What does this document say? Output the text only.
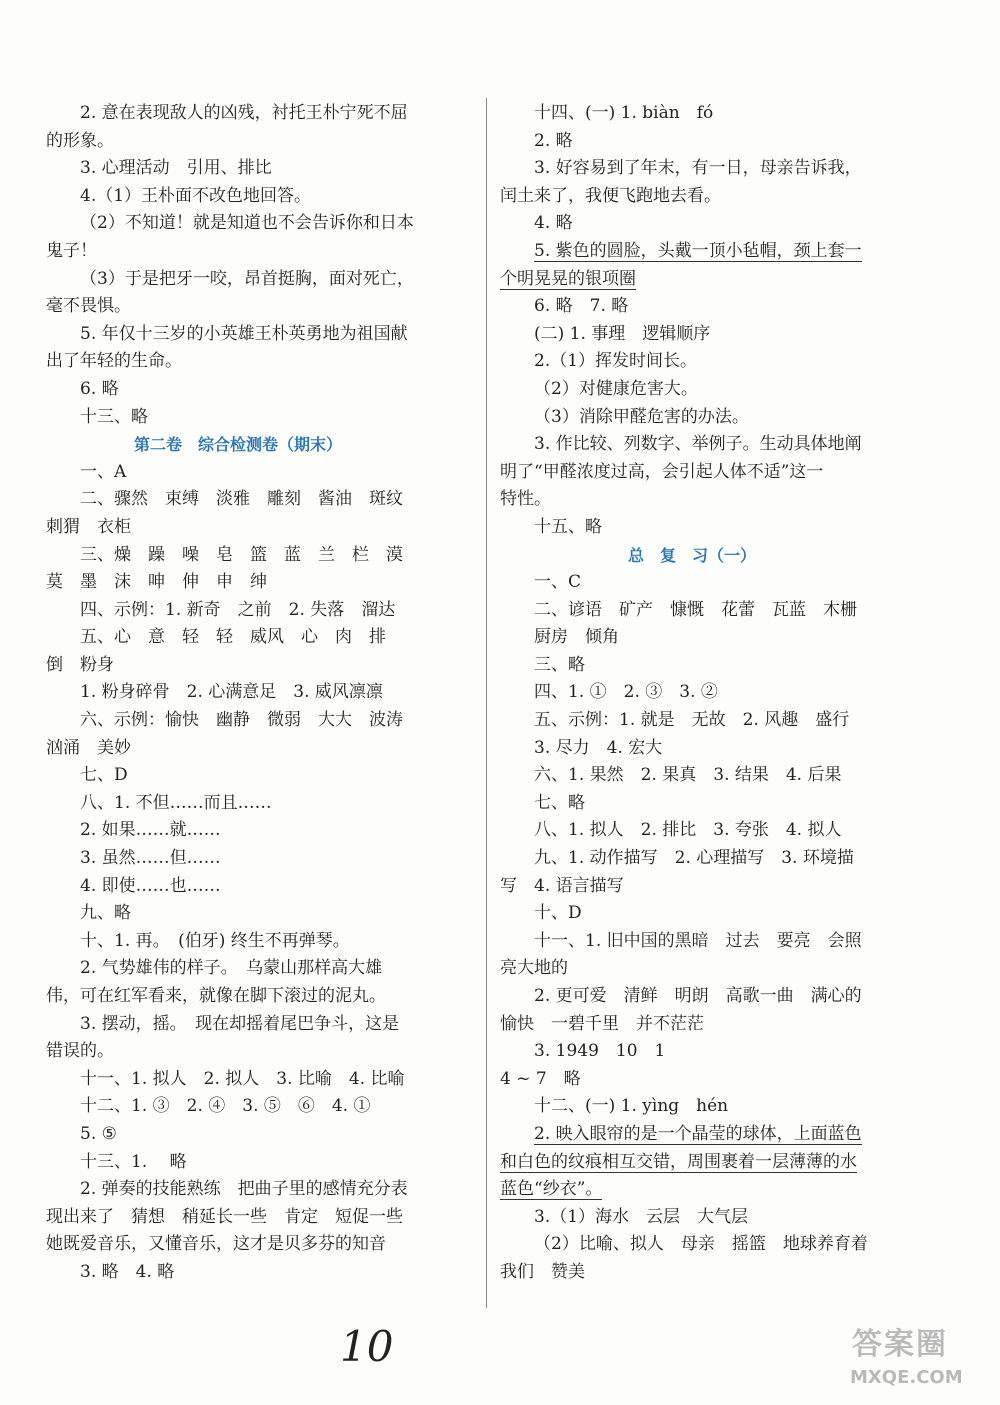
2. 意在表现敌人的凶残，衬托王朴宁死不屈
的形象。
3. 心理活动　引用、排比
4.（1）王朴面不改色地回答。
（2）不知道！就是知道也不会告诉你和日本
鬼子！
（3）于是把牙一咬，昂首挺胸，面对死亡，
毫不畏惧。
5. 年仅十三岁的小英雄王朴英勇地为祖国献
出了年轻的生命。
6. 略
十三、略
第二卷　综合检测卷（期末）
一、A
二、骤然　束缚　淡雅　雕刻　酱油　斑纹
刺猬　衣柜
三、燥　躁　噪　皂　篮　蓝　兰　栏　漠
莫　墨　沫　呻　伸　申　绅
四、示例：1. 新奇　之前　2. 失落　溜达
五、心　意　轻　轻　威风　心　肉　排
倒　粉身
1. 粉身碎骨　2. 心满意足　3. 威风凛凛
六、示例：愉快　幽静　微弱　大大　波涛
汹涌　美妙
七、D
八、1. 不但……而且……
2. 如果……就……
3. 虽然……但……
4. 即使……也……
九、略
十、1. 再。　(伯牙) 终生不再弹琴。
2. 气势雄伟的样子。　乌蒙山那样高大雄
伟，可在红军看来，就像在脚下滚过的泥丸。
3. 摆动，摇。　现在却摇着尾巴争斗，这是
错误的。
十一、1. 拟人　2. 拟人　3. 比喻　4. 比喻
十二、1. ③　2. ④　3. ⑤　⑥　4. ①
5. ⑤
十三、1. 　略
2. 弹奏的技能熟练　把曲子里的感情充分表
现出来了　猜想　稍延长一些　肯定　短促一些
她既爱音乐，又懂音乐，这才是贝多芬的知音
3. 略　4. 略
十四、(一) 1. biàn　fó
2. 略
3. 好容易到了年末，有一日，母亲告诉我，
闰土来了，我便飞跑地去看。
4. 略
5. 紫色的圆脸，头戴一顶小毡帽，颈上套一
个明晃晃的银项圈
6. 略　7. 略
(二) 1. 事理　逻辑顺序
2.（1）挥发时间长。
（2）对健康危害大。
（3）消除甲醛危害的办法。
3. 作比较、列数字、举例子。生动具体地阐
明了“甲醛浓度过高，会引起人体不适”这一
特性。
十五、略
总　复　习（一）
一、C
二、谚语　矿产　慷慨　花蕾　瓦蓝　木栅
厨房　倾角
三、略
四、1. ①　2. ③　3. ②
五、示例：1. 就是　无故　2. 风趣　盛行
3. 尽力　4. 宏大
六、1. 果然　2. 果真　3. 结果　4. 后果
七、略
八、1. 拟人　2. 排比　3. 夸张　4. 拟人
九、1. 动作描写　2. 心理描写　3. 环境描
写　4. 语言描写
十、D
十一、1. 旧中国的黑暗　过去　要亮　会照
亮大地的
2. 更可爱　清鲜　明朗　高歌一曲　满心的
愉快　一碧千里　并不茫茫
3. 1949　10　1
4 ~ 7　略
十二、(一) 1. yìng　hén
2. 映入眼帘的是一个晶莹的球体，上面蓝色
和白色的纹痕相互交错，周围裹着一层薄薄的水
蓝色“纱衣”。
3.（1）海水　云层　大气层
（2）比喻、拟人　母亲　摇篮　地球养育着
我们　赞美
10	答案圈
MXQE.COM
